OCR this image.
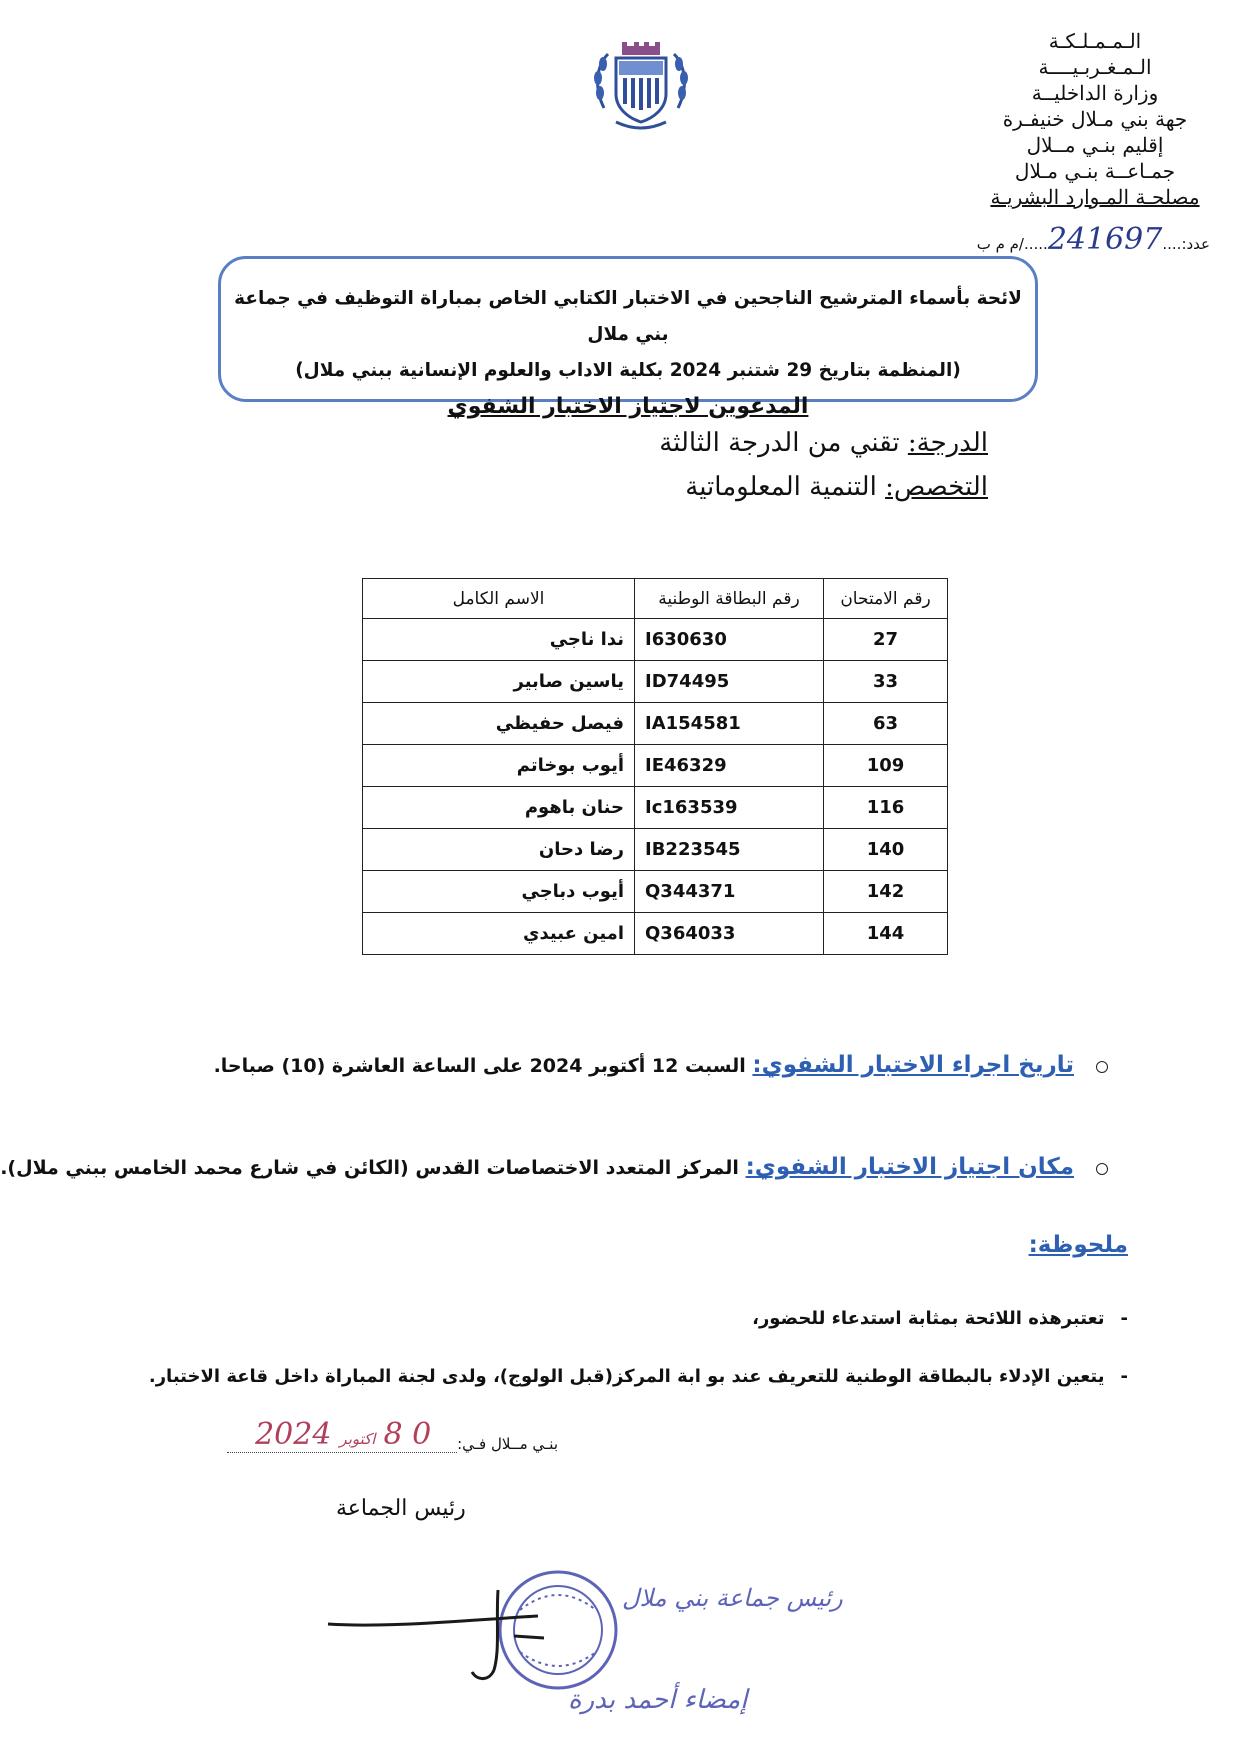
الـمـمـلـكـة
الـمـغـربـيــــة
وزارة الداخليــة
جهة بني مـلال خنيفـرة
إقليم بنـي مــلال
جمـاعــة بنـي مـلال
مصلحـة المـوارد البشريـة
عدد:....241697...../م م ب
لائحة بأسماء المترشيح الناجحين في الاختبار الكتابي الخاص بمباراة التوظيف في جماعة بني ملال
(المنظمة بتاريخ 29 شتنبر 2024 بكلية الاداب والعلوم الإنسانية ببني ملال)
المدعوين لاجتياز الاختبار الشفوي
الدرجة: تقني من الدرجة الثالثة
التخصص: التنمية المعلوماتية
رقم الامتحان	رقم البطاقة الوطنية	الاسم الكامل
27	I630630	ندا ناجي
33	ID74495	ياسين صابير
63	IA154581	فيصل حفيظي
109	IE46329	أيوب بوخاتم
116	Ic163539	حنان باهوم
140	IB223545	رضا دحان
142	Q344371	أيوب دباجي
144	Q364033	امين عبيدي
تاريخ اجراء الاختبار الشفوي: السبت 12 أكتوبر 2024 على الساعة العاشرة (10) صباحا.
مكان اجتياز الاختبار الشفوي: المركز المتعدد الاختصاصات القدس (الكائن في شارع محمد الخامس ببني ملال).
ملحوظة:
-تعتبرهذه اللائحة بمثابة استدعاء للحضور،
-يتعين الإدلاء بالبطاقة الوطنية للتعريف عند بو ابة المركز(قبل الولوج)، ولدى لجنة المباراة داخل قاعة الاختبار.
بنـي مــلال فـي:
0 8اكتوبر2024
رئيس الجماعة
رئيس جماعة بني ملال
إمضاء أحمد بدرة
